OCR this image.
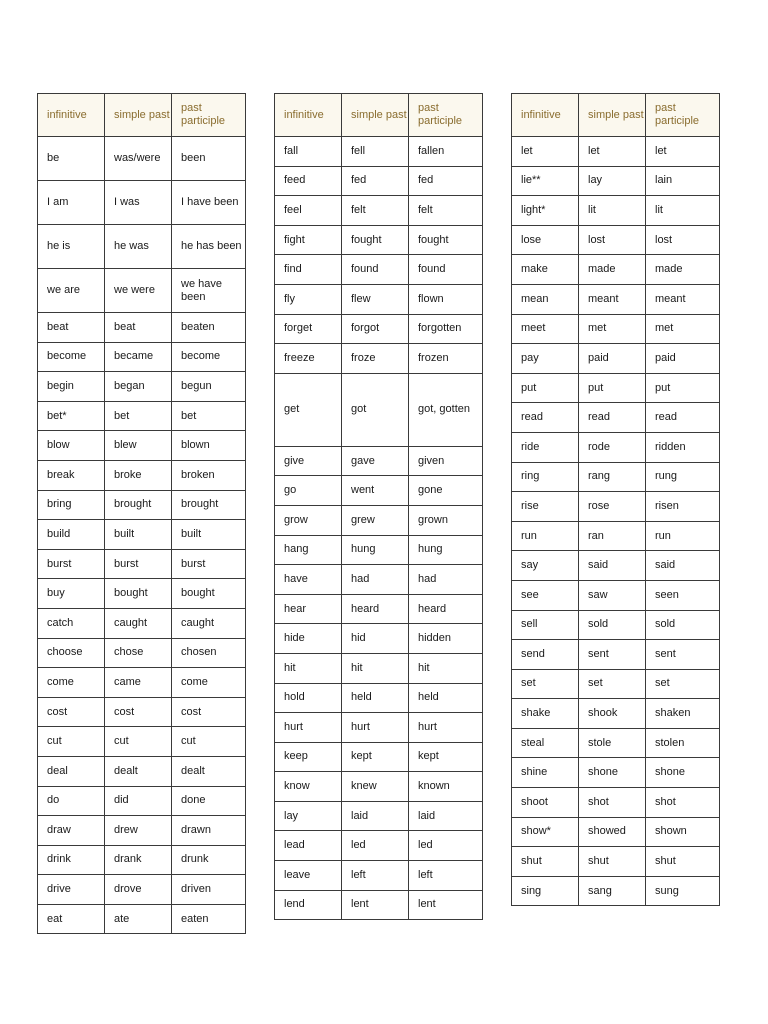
infinitive	simple past	past participle
be	was/were	been
I am	I was	I have been
he is	he was	he has been
we are	we were	we have been
beat	beat	beaten
become	became	become
begin	began	begun
bet*	bet	bet
blow	blew	blown
break	broke	broken
bring	brought	brought
build	built	built
burst	burst	burst
buy	bought	bought
catch	caught	caught
choose	chose	chosen
come	came	come
cost	cost	cost
cut	cut	cut
deal	dealt	dealt
do	did	done
draw	drew	drawn
drink	drank	drunk
drive	drove	driven
eat	ate	eaten
infinitive	simple past	past participle
fall	fell	fallen
feed	fed	fed
feel	felt	felt
fight	fought	fought
find	found	found
fly	flew	flown
forget	forgot	forgotten
freeze	froze	frozen
get	got	got, gotten
give	gave	given
go	went	gone
grow	grew	grown
hang	hung	hung
have	had	had
hear	heard	heard
hide	hid	hidden
hit	hit	hit
hold	held	held
hurt	hurt	hurt
keep	kept	kept
know	knew	known
lay	laid	laid
lead	led	led
leave	left	left
lend	lent	lent
infinitive	simple past	past participle
let	let	let
lie**	lay	lain
light*	lit	lit
lose	lost	lost
make	made	made
mean	meant	meant
meet	met	met
pay	paid	paid
put	put	put
read	read	read
ride	rode	ridden
ring	rang	rung
rise	rose	risen
run	ran	run
say	said	said
see	saw	seen
sell	sold	sold
send	sent	sent
set	set	set
shake	shook	shaken
steal	stole	stolen
shine	shone	shone
shoot	shot	shot
show*	showed	shown
shut	shut	shut
sing	sang	sung
